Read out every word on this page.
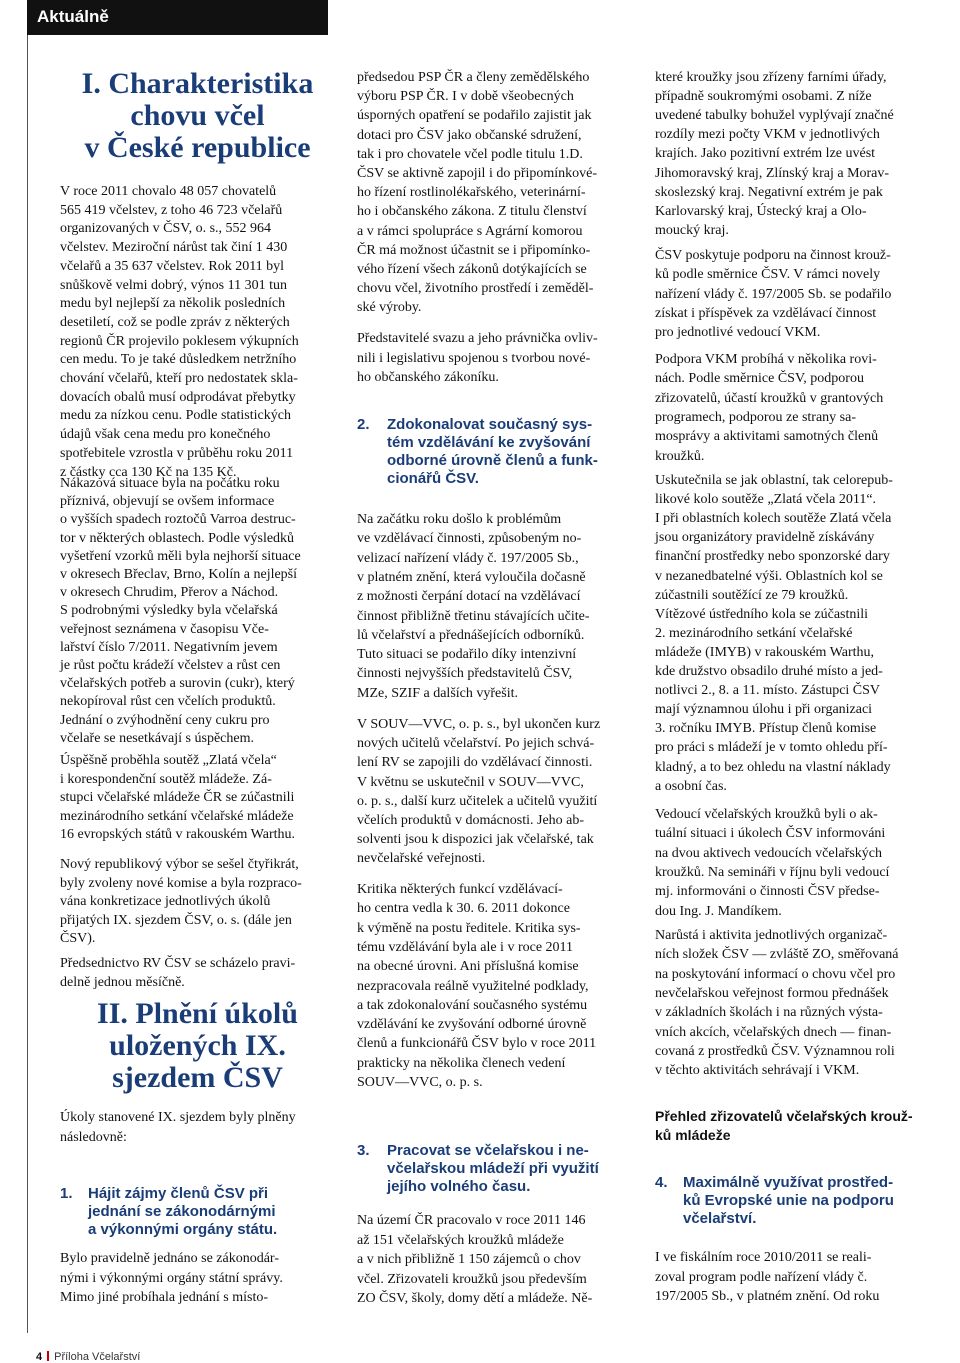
Aktuálně
I. Charakteristika
chovu včel
v České republice
V roce 2011 chovalo 48 057 chovatelů
565 419 včelstev, z toho 46 723 včelařů
organizovaných v ČSV, o. s., 552 964
včelstev. Meziroční nárůst tak činí 1 430
včelařů a 35 637 včelstev. Rok 2011 byl
snůškově velmi dobrý, výnos 11 301 tun
medu byl nejlepší za několik posledních
desetiletí, což se podle zpráv z některých
regionů ČR projevilo poklesem výkupních
cen medu. To je také důsledkem netržního
chování včelařů, kteří pro nedostatek skla-
dovacích obalů musí odprodávat přebytky
medu za nízkou cenu. Podle statistických
údajů však cena medu pro konečného
spotřebitele vzrostla v průběhu roku 2011
z částky cca 130 Kč na 135 Kč.
Nákazová situace byla na počátku roku
příznivá, objevují se ovšem informace
o vyšších spadech roztočů Varroa destruc-
tor v některých oblastech. Podle výsledků
vyšetření vzorků měli byla nejhorší situace
v okresech Břeclav, Brno, Kolín a nejlepší
v okresech Chrudim, Přerov a Náchod.
S podrobnými výsledky byla včelařská
veřejnost seznámena v časopisu Vče-
lařství číslo 7/2011. Negativním jevem
je růst počtu krádeží včelstev a růst cen
včelařských potřeb a surovin (cukr), který
nekopíroval růst cen včelích produktů.
Jednání o zvýhodnění ceny cukru pro
včelaře se nesetkávají s úspěchem.
Úspěšně proběhla soutěž „Zlatá včela“
i korespondenční soutěž mládeže. Zá-
stupci včelařské mládeže ČR se zúčastnili
mezinárodního setkání včelařské mládeže
16 evropských států v rakouském Warthu.
Nový republikový výbor se sešel čtyřikrát,
byly zvoleny nové komise a byla rozpraco-
vána konkretizace jednotlivých úkolů
přijatých IX. sjezdem ČSV, o. s. (dále jen
ČSV).
Předsednictvo RV ČSV se scházelo pravi-
delně jednou měsíčně.
II. Plnění úkolů
uložených IX.
sjezdem ČSV
Úkoly stanovené IX. sjezdem byly plněny
následovně:
1. Hájit zájmy členů ČSV při
jednání se zákonodárnými
a výkonnými orgány státu.
Bylo pravidelně jednáno se zákonodár-
nými i výkonnými orgány státní správy.
Mimo jiné probíhala jednání s místo-
předsedou PSP ČR a členy zemědělského
výboru PSP ČR. I v době všeobecných
úsporných opatření se podařilo zajistit jak
dotaci pro ČSV jako občanské sdružení,
tak i pro chovatele včel podle titulu 1.D.
ČSV se aktivně zapojil i do připomínkové-
ho řízení rostlinolékařského, veterinární-
ho i občanského zákona. Z titulu členství
a v rámci spolupráce s Agrární komorou
ČR má možnost účastnit se i připomínko-
vého řízení všech zákonů dotýkajících se
chovu včel, životního prostředí i zeměděl-
ské výroby.
Představitelé svazu a jeho právnička ovliv-
nili i legislativu spojenou s tvorbou nové-
ho občanského zákoníku.
2. Zdokonalovat současný sys-
tém vzdělávání ke zvyšování
odborné úrovně členů a funk-
cionářů ČSV.
Na začátku roku došlo k problémům
ve vzdělávací činnosti, způsobeným no-
velizací nařízení vlády č. 197/2005 Sb.,
v platném znění, která vyloučila dočasně
z možnosti čerpání dotací na vzdělávací
činnost přibližně třetinu stávajících učite-
lů včelařství a přednášejících odborníků.
Tuto situaci se podařilo díky intenzivní
činnosti nejvyšších představitelů ČSV,
MZe, SZIF a dalších vyřešit.
V SOUV—VVC, o. p. s., byl ukončen kurz
nových učitelů včelařství. Po jejich schvá-
lení RV se zapojili do vzdělávací činnosti.
V květnu se uskutečnil v SOUV—VVC,
o. p. s., další kurz učitelek a učitelů využití
včelích produktů v domácnosti. Jeho ab-
solventi jsou k dispozici jak včelařské, tak
nevčelařské veřejnosti.
Kritika některých funkcí vzdělávací-
ho centra vedla k 30. 6. 2011 dokonce
k výměně na postu ředitele. Kritika sys-
tému vzdělávání byla ale i v roce 2011
na obecné úrovni. Ani příslušná komise
nezpracovala reálně využitelné podklady,
a tak zdokonalování současného systému
vzdělávání ke zvyšování odborné úrovně
členů a funkcionářů ČSV bylo v roce 2011
prakticky na několika členech vedení
SOUV—VVC, o. p. s.
3. Pracovat se včelařskou i ne-
včelařskou mládeží při využití
jejího volného času.
Na území ČR pracovalo v roce 2011 146
až 151 včelařských kroužků mládeže
a v nich přibližně 1 150 zájemců o chov
včel. Zřizovateli kroužků jsou především
ZO ČSV, školy, domy dětí a mládeže. Ně-
které kroužky jsou zřízeny farními úřady,
případně soukromými osobami. Z níže
uvedené tabulky bohužel vyplývají značné
rozdíly mezi počty VKM v jednotlivých
krajích. Jako pozitivní extrém lze uvést
Jihomoravský kraj, Zlínský kraj a Morav-
skoslezský kraj. Negativní extrém je pak
Karlovarský kraj, Ústecký kraj a Olo-
moucký kraj.
ČSV poskytuje podporu na činnost krouž-
ků podle směrnice ČSV. V rámci novely
nařízení vlády č. 197/2005 Sb. se podařilo
získat i příspěvek za vzdělávací činnost
pro jednotlivé vedoucí VKM.
Podpora VKM probíhá v několika rovi-
nách. Podle směrnice ČSV, podporou
zřizovatelů, účastí kroužků v grantových
programech, podporou ze strany sa-
mosprávy a aktivitami samotných členů
kroužků.
Uskutečnila se jak oblastní, tak celorepub-
likové kolo soutěže „Zlatá včela 2011“.
I při oblastních kolech soutěže Zlatá včela
jsou organizátory pravidelně získávány
finanční prostředky nebo sponzorské dary
v nezanedbatelné výši. Oblastních kol se
zúčastnili soutěžící ze 79 kroužků.
Vítězové ústředního kola se zúčastnili
2. mezinárodního setkání včelařské
mládeže (IMYB) v rakouském Warthu,
kde družstvo obsadilo druhé místo a jed-
notlivci 2., 8. a 11. místo. Zástupci ČSV
mají významnou úlohu i při organizaci
3. ročníku IMYB. Přístup členů komise
pro práci s mládeží je v tomto ohledu pří-
kladný, a to bez ohledu na vlastní náklady
a osobní čas.
Vedoucí včelařských kroužků byli o ak-
tuální situaci i úkolech ČSV informováni
na dvou aktivech vedoucích včelařských
kroužků. Na semináři v říjnu byli vedoucí
mj. informováni o činnosti ČSV předse-
dou Ing. J. Mandíkem.
Narůstá i aktivita jednotlivých organizač-
ních složek ČSV — zvláště ZO, směřovaná
na poskytování informací o chovu včel pro
nevčelařskou veřejnost formou přednášek
v základních školách i na různých výsta-
vních akcích, včelařských dnech — finan-
covaná z prostředků ČSV. Významnou roli
v těchto aktivitách sehrávají i VKM.
Přehled zřizovatelů včelařských krouž-
ků mládeže
4. Maximálně využívat prostřed-
ků Evropské unie na podporu
včelařství.
I ve fiskálním roce 2010/2011 se reali-
zoval program podle nařízení vlády č.
197/2005 Sb., v platném znění. Od roku
4 Příloha Včelařství
